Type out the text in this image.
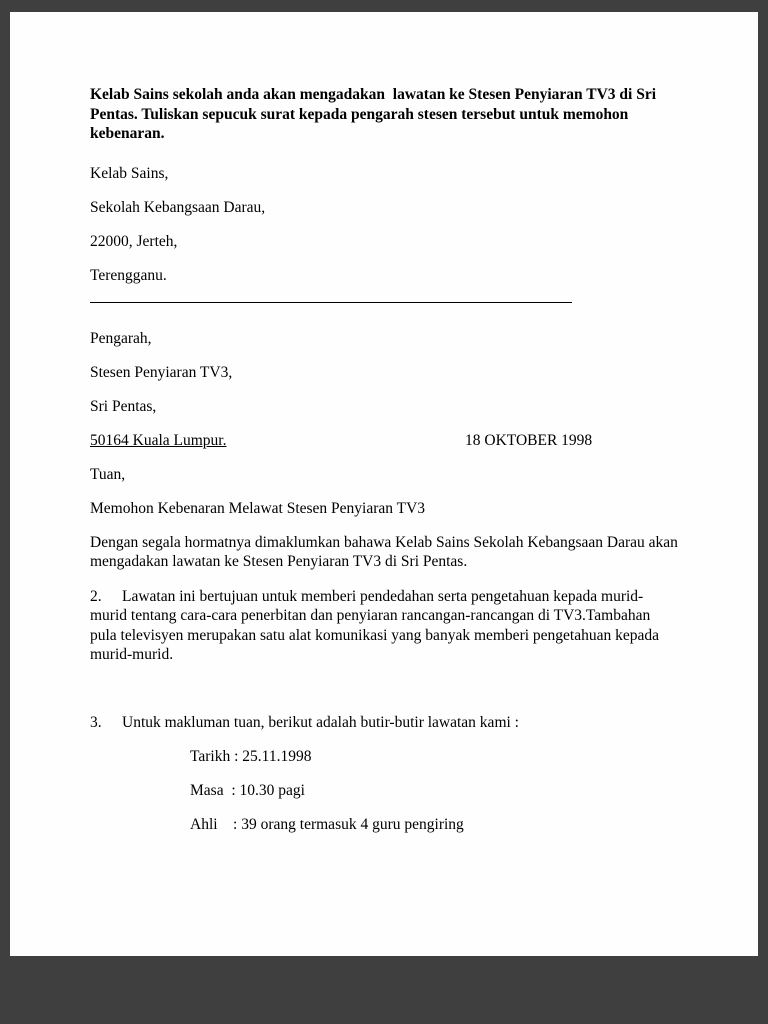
Kelab Sains sekolah anda akan mengadakan  lawatan ke Stesen Penyiaran TV3 di Sri Pentas. Tuliskan sepucuk surat kepada pengarah stesen tersebut untuk memohon kebenaran.

Kelab Sains,

Sekolah Kebangsaan Darau,

22000, Jerteh,

Terengganu.

Pengarah,

Stesen Penyiaran TV3,

Sri Pentas,

50164 Kuala Lumpur.	18 OKTOBER 1998

Tuan,

Memohon Kebenaran Melawat Stesen Penyiaran TV3

Dengan segala hormatnya dimaklumkan bahawa Kelab Sains Sekolah Kebangsaan Darau akan mengadakan lawatan ke Stesen Penyiaran TV3 di Sri Pentas.

2. Lawatan ini bertujuan untuk memberi pendedahan serta pengetahuan kepada murid-murid tentang cara-cara penerbitan dan penyiaran rancangan-rancangan di TV3.Tambahan pula televisyen merupakan satu alat komunikasi yang banyak memberi pengetahuan kepada murid-murid.

3. Untuk makluman tuan, berikut adalah butir-butir lawatan kami :

Tarikh : 25.11.1998

Masa  : 10.30 pagi

Ahli    : 39 orang termasuk 4 guru pengiring
